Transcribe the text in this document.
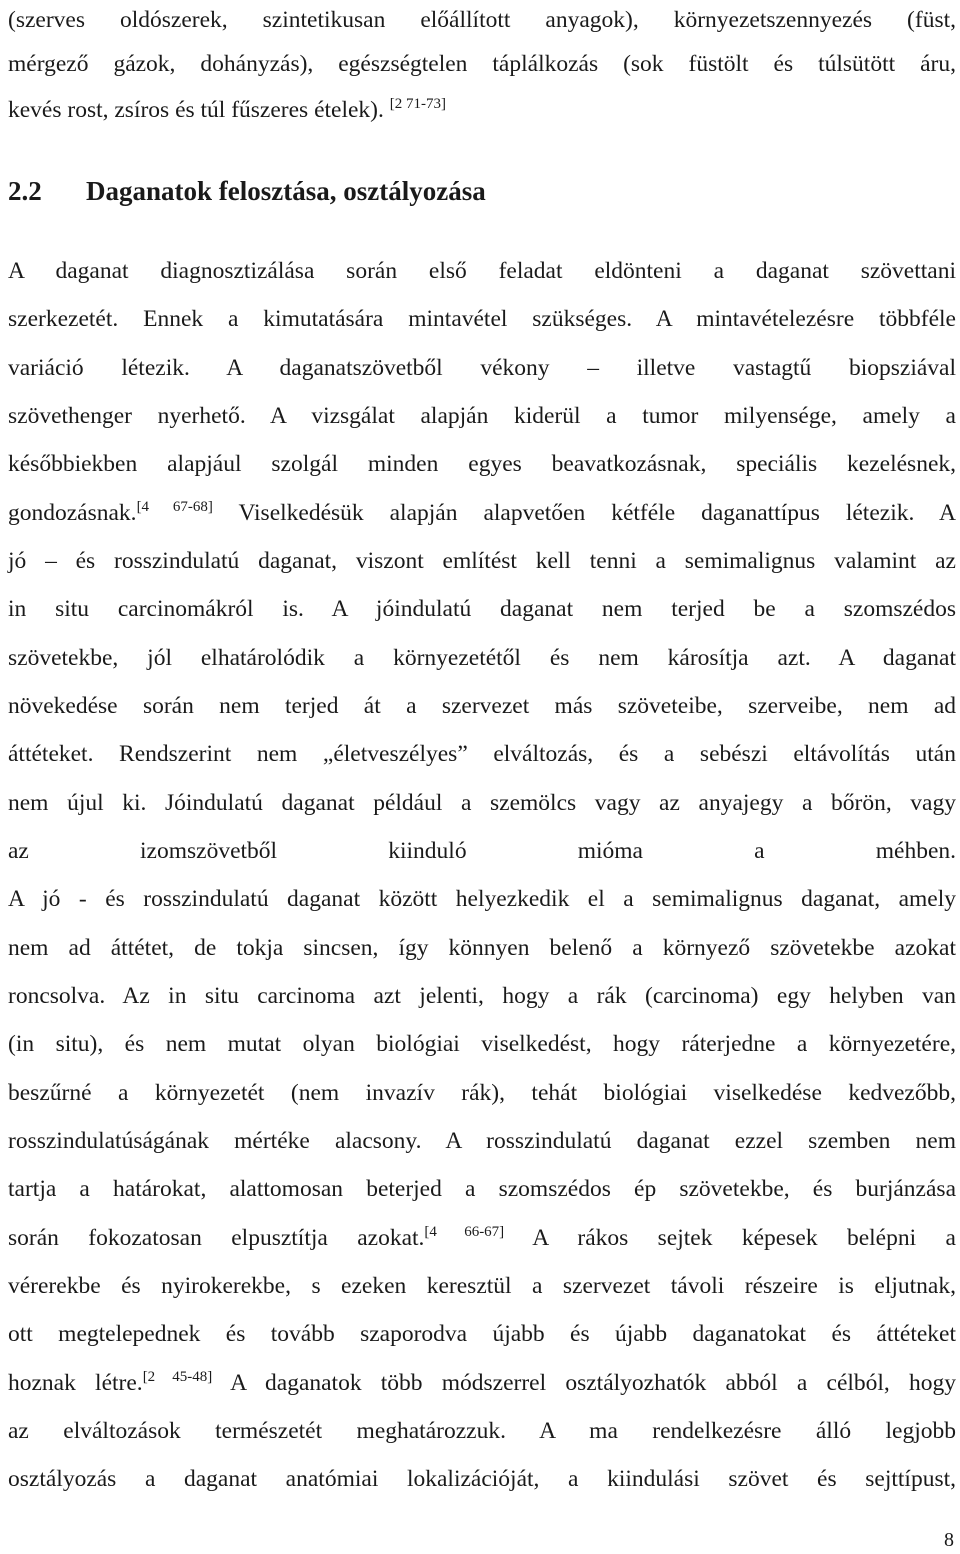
(szerves oldószerek, szintetikusan előállított anyagok), környezetszennyezés (füst,
mérgező gázok, dohányzás), egészségtelen táplálkozás (sok füstölt és túlsütött áru,
kevés rost, zsíros és túl fűszeres ételek). [2 71-73]
2.2 Daganatok felosztása, osztályozása
A daganat diagnosztizálása során első feladat eldönteni a daganat szövettani
szerkezetét. Ennek a kimutatására mintavétel szükséges. A mintavételezésre többféle
variáció létezik. A daganatszövetből vékony – illetve vastagtű biopsziával
szövethenger nyerhető. A vizsgálat alapján kiderül a tumor milyensége, amely a
későbbiekben alapjául szolgál minden egyes beavatkozásnak, speciális kezelésnek,
gondozásnak.[4 67-68] Viselkedésük alapján alapvetően kétféle daganattípus létezik. A
jó – és rosszindulatú daganat, viszont említést kell tenni a semimalignus valamint az
in situ carcinomákról is. A jóindulatú daganat nem terjed be a szomszédos
szövetekbe, jól elhatárolódik a környezetétől és nem károsítja azt. A daganat
növekedése során nem terjed át a szervezet más szöveteibe, szerveibe, nem ad
áttéteket. Rendszerint nem „életveszélyes” elváltozás, és a sebészi eltávolítás után
nem újul ki. Jóindulatú daganat például a szemölcs vagy az anyajegy a bőrön, vagy
az izomszövetből kiinduló mióma a méhben.
A jó - és rosszindulatú daganat között helyezkedik el a semimalignus daganat, amely
nem ad áttétet, de tokja sincsen, így könnyen belenő a környező szövetekbe azokat
roncsolva. Az in situ carcinoma azt jelenti, hogy a rák (carcinoma) egy helyben van
(in situ), és nem mutat olyan biológiai viselkedést, hogy ráterjedne a környezetére,
beszűrné a környezetét (nem invazív rák), tehát biológiai viselkedése kedvezőbb,
rosszindulatúságának mértéke alacsony. A rosszindulatú daganat ezzel szemben nem
tartja a határokat, alattomosan beterjed a szomszédos ép szövetekbe, és burjánzása
során fokozatosan elpusztítja azokat.[4 66-67] A rákos sejtek képesek belépni a
vérerekbe és nyirokerekbe, s ezeken keresztül a szervezet távoli részeire is eljutnak,
ott megtelepednek és tovább szaporodva újabb és újabb daganatokat és áttéteket
hoznak létre.[2 45-48] A daganatok több módszerrel osztályozhatók abból a célból, hogy
az elváltozások természetét meghatározzuk. A ma rendelkezésre álló legjobb
osztályozás a daganat anatómiai lokalizációját, a kiindulási szövet és sejttípust,
8
